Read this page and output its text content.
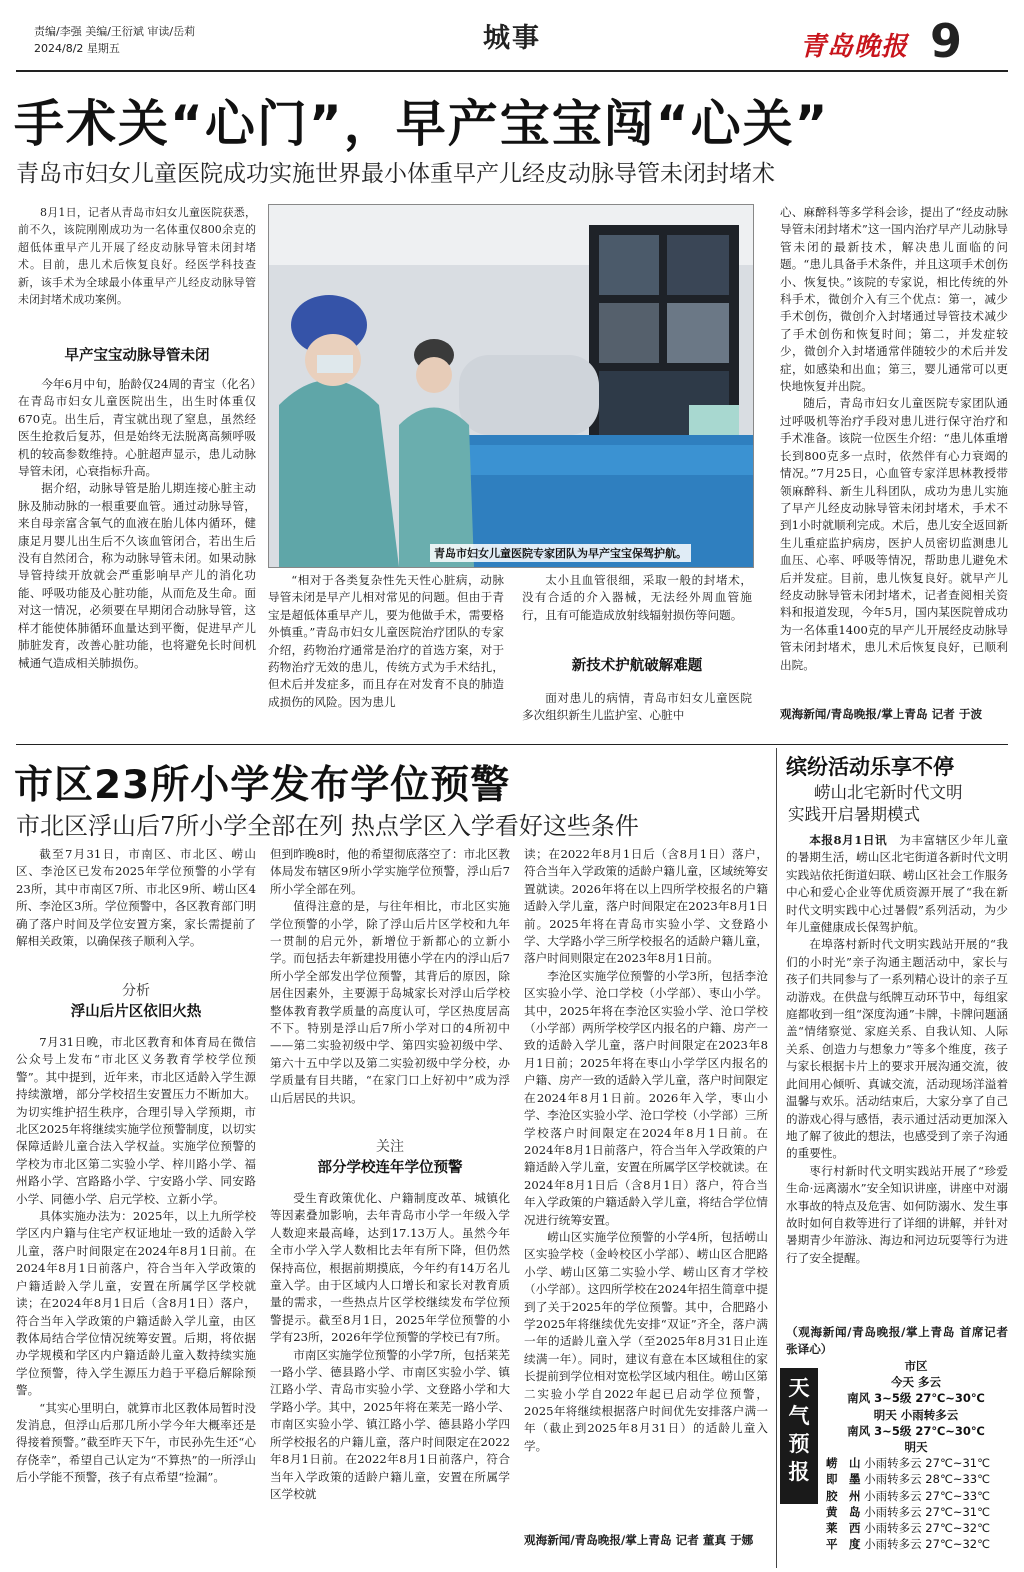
责编/李强 美编/王衍斌 审读/岳莉
2024/8/2 星期五	城事	青岛晚报 9
手术关“心门”，早产宝宝闯“心关”
青岛市妇女儿童医院成功实施世界最小体重早产儿经皮动脉导管未闭封堵术
8月1日，记者从青岛市妇女儿童医院获悉，前不久，该院刚刚成功为一名体重仅800余克的超低体重早产儿开展了经皮动脉导管未闭封堵术。目前，患儿术后恢复良好。经医学科技查新，该手术为全球最小体重早产儿经皮动脉导管未闭封堵术成功案例。
早产宝宝动脉导管未闭

今年6月中旬，胎龄仅24周的青宝（化名）在青岛市妇女儿童医院出生，出生时体重仅670克。出生后，青宝就出现了窒息，虽然经医生抢救后复苏，但是始终无法脱离高频呼吸机的较高参数维持。心脏超声显示，患儿动脉导管未闭，心衰指标升高。

据介绍，动脉导管是胎儿期连接心脏主动脉及肺动脉的一根重要血管。通过动脉导管，来自母亲富含氧气的血液在胎儿体内循环，健康足月婴儿出生后不久该血管闭合，若出生后没有自然闭合，称为动脉导管未闭。如果动脉导管持续开放就会严重影响早产儿的消化功能、呼吸功能及心脏功能，从而危及生命。面对这一情况，必须要在早期闭合动脉导管，这样才能使体肺循环血量达到平衡，促进早产儿肺脏发育，改善心脏功能，也将避免长时间机械通气造成相关肺损伤。

青岛市妇女儿童医院专家团队为早产宝宝保驾护航。

“相对于各类复杂性先天性心脏病，动脉导管未闭是早产儿相对常见的问题。但由于青宝是超低体重早产儿，要为他做手术，需要格外慎重。”青岛市妇女儿童医院治疗团队的专家介绍，药物治疗通常是治疗的首选方案，对于药物治疗无效的患儿，传统方式为手术结扎，但术后并发症多，而且存在对发育不良的肺造成损伤的风险。因为患儿

太小且血管很细，采取一般的封堵术，没有合适的介入器械，无法经外周血管施行，且有可能造成放射线辐射损伤等问题。

新技术护航破解难题

面对患儿的病情，青岛市妇女儿童医院多次组织新生儿监护室、心脏中

心、麻醉科等多学科会诊，提出了“经皮动脉导管未闭封堵术”这一国内治疗早产儿动脉导管未闭的最新技术，解决患儿面临的问题。“患儿具备手术条件，并且这项手术创伤小、恢复快。”该院的专家说，相比传统的外科手术，微创介入有三个优点：第一，减少手术创伤，微创介入封堵通过导管技术减少了手术创伤和恢复时间；第二，并发症较少，微创介入封堵通常伴随较少的术后并发症，如感染和出血；第三，婴儿通常可以更快地恢复并出院。

随后，青岛市妇女儿童医院专家团队通过呼吸机等治疗手段对患儿进行保守治疗和手术准备。该院一位医生介绍：“患儿体重增长到800克多一点时，依然伴有心力衰竭的情况。”7月25日，心血管专家洋思林教授带领麻醉科、新生儿科团队，成功为患儿实施了早产儿经皮动脉导管未闭封堵术，手术不到1小时就顺利完成。术后，患儿安全返回新生儿重症监护病房，医护人员密切监测患儿血压、心率、呼吸等情况，帮助患儿避免术后并发症。目前，患儿恢复良好。就早产儿经皮动脉导管未闭封堵术，记者查阅相关资料和报道发现，今年5月，国内某医院曾成功为一名体重1400克的早产儿开展经皮动脉导管未闭封堵术，患儿术后恢复良好，已顺利出院。

观海新闻/青岛晚报/掌上青岛 记者 于波
市区23所小学发布学位预警
市北区浮山后7所小学全部在列 热点学区入学看好这些条件

截至7月31日，市南区、市北区、崂山区、李沧区已发布2025年学位预警的小学有23所，其中市南区7所、市北区9所、崂山区4所、李沧区3所。学位预警中，各区教育部门明确了落户时间及学位安置方案，家长需提前了解相关政策，以确保孩子顺利入学。

分析
浮山后片区依旧火热

7月31日晚，市北区教育和体育局在微信公众号上发布“市北区义务教育学校学位预警”。其中提到，近年来，市北区适龄入学生源持续激增，部分学校招生安置压力不断加大。为切实维护招生秩序，合理引导入学预期，市北区2025年将继续实施学位预警制度，以切实保障适龄儿童合法入学权益。实施学位预警的学校为市北区第二实验小学、梓川路小学、福州路小学、宫路路小学、宁安路小学、同安路小学、同德小学、启元学校、立新小学。

具体实施办法为：2025年，以上九所学校学区内户籍与住宅产权证地址一致的适龄入学儿童，落户时间限定在2024年8月1日前。在2024年8月1日前落户，符合当年入学政策的户籍适龄入学儿童，安置在所属学区学校就读；在2024年8月1日后（含8月1日）落户，符合当年入学政策的户籍适龄入学儿童，由区教体局结合学位情况统筹安置。后期，将依据办学规模和学区内户籍适龄儿童入数持续实施学位预警，待入学生源压力趋于平稳后解除预警。

“其实心里明白，就算市北区教体局暂时没发消息，但浮山后那几所小学今年大概率还是得接着预警。”截至昨天下午，市民孙先生还“心存侥幸”，希望自己认定为“不算热”的一所浮山后小学能不预警，孩子有点希望“捡漏”。

但到昨晚8时，他的希望彻底落空了：市北区教体局发布辖区9所小学实施学位预警，浮山后7所小学全部在列。

值得注意的是，与往年相比，市北区实施学位预警的小学，除了浮山后片区学校和九年一贯制的启元外，新增位于新都心的立新小学。而包括去年新建投用德小学在内的浮山后7所小学全部发出学位预警，其背后的原因，除居住因素外，主要源于岛城家长对浮山后学校整体教育教学质量的高度认可，学区热度居高不下。特别是浮山后7所小学对口的4所初中——第二实验初级中学、第四实验初级中学、第六十五中学以及第二实验初级中学分校，办学质量有目共睹，“在家门口上好初中”成为浮山后居民的共识。

关注
部分学校连年学位预警

受生育政策优化、户籍制度改革、城镇化等因素叠加影响，去年青岛市小学一年级入学人数迎来最高峰，达到17.13万人。虽然今年全市小学入学人数相比去年有所下降，但仍然保持高位，根据前期摸底，今年约有14万名儿童入学。由于区域内人口增长和家长对教育质量的需求，一些热点片区学校继续发布学位预警提示。截至8月1日，2025年学位预警的小学有23所，2026年学位预警的学校已有7所。

市南区实施学位预警的小学7所，包括莱芜一路小学、德县路小学、市南区实验小学、镇江路小学、青岛市实验小学、文登路小学和大学路小学。其中，2025年将在莱芜一路小学、市南区实验小学、镇江路小学、德县路小学四所学校报名的户籍儿童，落户时间限定在2022年8月1日前。在2022年8月1日前落户，符合当年入学政策的适龄户籍儿童，安置在所属学区学校就

读；在2022年8月1日后（含8月1日）落户，符合当年入学政策的适龄户籍儿童，区域统筹安置就读。2026年将在以上四所学校报名的户籍适龄入学儿童，落户时间限定在2023年8月1日前。2025年将在青岛市实验小学、文登路小学、大学路小学三所学校报名的适龄户籍儿童，落户时间则限定在2023年8月1日前。

李沧区实施学位预警的小学3所，包括李沧区实验小学、沧口学校（小学部）、枣山小学。其中，2025年将在李沧区实验小学、沧口学校（小学部）两所学校学区内报名的户籍、房产一致的适龄入学儿童，落户时间限定在2023年8月1日前；2025年将在枣山小学学区内报名的户籍、房产一致的适龄入学儿童，落户时间限定在2024年8月1日前。2026年入学，枣山小学、李沧区实验小学、沧口学校（小学部）三所学校落户时间限定在2024年8月1日前。在2024年8月1日前落户，符合当年入学政策的户籍适龄入学儿童，安置在所属学区学校就读。在2024年8月1日后（含8月1日）落户，符合当年入学政策的户籍适龄入学儿童，将结合学位情况进行统筹安置。

崂山区实施学位预警的小学4所，包括崂山区实验学校（金岭校区小学部）、崂山区合肥路小学、崂山区第二实验小学、崂山区育才学校（小学部）。这四所学校在2024年招生简章中提到了关于2025年的学位预警。其中，合肥路小学2025年将继续优先安排“双证”齐全，落户满一年的适龄儿童入学（至2025年8月31日止连续满一年）。同时，建议有意在本区域租住的家长提前到学位相对宽松学区域内租住。崂山区第二实验小学自2022年起已启动学位预警，2025年将继续根据落户时间优先安排落户满一年（截止到2025年8月31日）的适龄儿童入学。

观海新闻/青岛晚报/掌上青岛 记者 董真 于娜
缤纷活动乐享不停
崂山北宅新时代文明
实践开启暑期模式

本报8月1日讯　 为丰富辖区少年儿童的暑期生活，崂山区北宅街道各新时代文明实践站依托街道妇联、崂山区社会工作服务中心和爱心企业等优质资源开展了“我在新时代文明实践中心过暑假”系列活动，为少年儿童健康成长保驾护航。

在埠落村新时代文明实践站开展的“我们的小时光”亲子沟通主题活动中，家长与孩子们共同参与了一系列精心设计的亲子互动游戏。在供盘与纸牌互动环节中，每组家庭都收到一组“深度沟通”卡牌，卡牌问题涵盖“情绪察觉、家庭关系、自我认知、人际关系、创造力与想象力”等多个维度，孩子与家长根据卡片上的要求开展沟通交流，彼此间用心倾听、真诚交流，活动现场洋溢着温馨与欢乐。活动结束后，大家分享了自己的游戏心得与感悟，表示通过活动更加深入地了解了彼此的想法，也感受到了亲子沟通的重要性。

枣行村新时代文明实践站开展了“珍爱生命·远离溺水”安全知识讲座，讲座中对溺水事故的特点及危害、如何防溺水、发生事故时如何自救等进行了详细的讲解，并针对暑期青少年游泳、海边和河边玩耍等行为进行了安全提醒。

（观海新闻/青岛晚报/掌上青岛 首席记者 张译心）
天气预报
市区
今天 多云
南风 3~5级 27℃~30℃
明天 小雨转多云
南风 3~5级 27℃~30℃
明天
崂　山 小雨转多云 27℃~31℃
即　墨 小雨转多云 28℃~33℃
胶　州 小雨转多云 27℃~33℃
黄　岛 小雨转多云 27℃~31℃
莱　西 小雨转多云 27℃~32℃
平　度 小雨转多云 27℃~32℃
